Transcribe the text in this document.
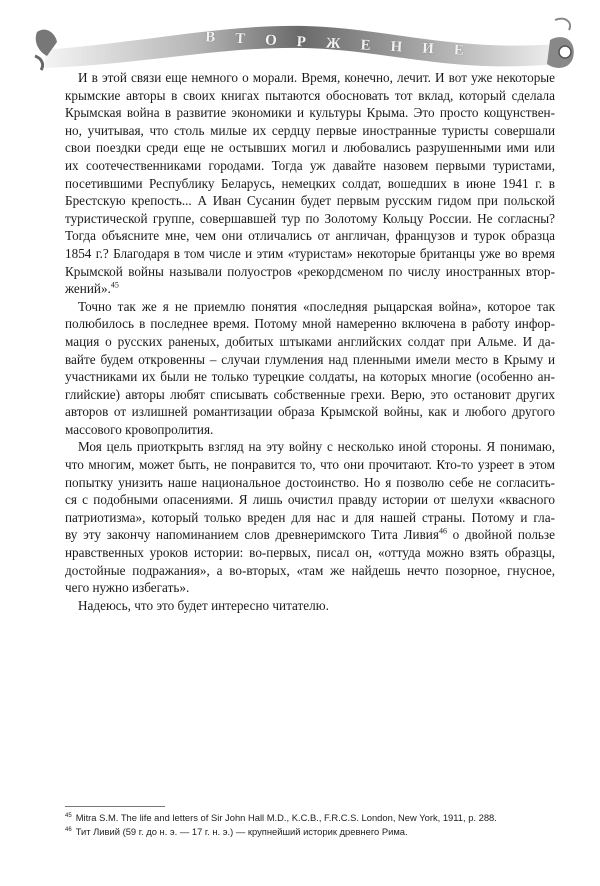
В Т О Р Ж Е Н И Е
И в этой связи еще немного о морали. Время, конечно, лечит. И вот уже некоторые
крымские авторы в своих книгах пытаются обосновать тот вклад, который сделала
Крымская война в развитие экономики и культуры Крыма. Это просто кощунствен-
но, учитывая, что столь милые их сердцу первые иностранные туристы совершали
свои поездки среди еще не остывших могил и любовались разрушенными ими или
их соотечественниками городами. Тогда уж давайте назовем первыми туристами,
посетившими Республику Беларусь, немецких солдат, вошедших в июне 1941 г. в
Брестскую крепость... А Иван Сусанин будет первым русским гидом при польской
туристической группе, совершавшей тур по Золотому Кольцу России. Не согласны?
Тогда объясните мне, чем они отличались от англичан, французов и турок образца
1854 г.? Благодаря в том числе и этим «туристам» некоторые британцы уже во время
Крымской войны называли полуостров «рекордсменом по числу иностранных втор-
жений».$^{45}$
Точно так же я не приемлю понятия «последняя рыцарская война», которое так
полюбилось в последнее время. Потому мной намеренно включена в работу инфор-
мация о русских раненых, добитых штыками английских солдат при Альме. И да-
вайте будем откровенны – случаи глумления над пленными имели место в Крыму и
участниками их были не только турецкие солдаты, на которых многие (особенно ан-
глийские) авторы любят списывать собственные грехи. Верю, это остановит других
авторов от излишней романтизации образа Крымской войны, как и любого другого
массового кровопролития.
Моя цель приоткрыть взгляд на эту войну с несколько иной стороны. Я понимаю,
что многим, может быть, не понравится то, что они прочитают. Кто-то узреет в этом
попытку унизить наше национальное достоинство. Но я позволю себе не согласить-
ся с подобными опасениями. Я лишь очистил правду истории от шелухи «квасного
патриотизма», который только вреден для нас и для нашей страны. Потому и гла-
ву эту закончу напоминанием слов древнеримского Тита Ливия$^{46}$ о двойной пользе
нравственных уроков истории: во-первых, писал он, «оттуда можно взять образцы,
достойные подражания», а во-вторых, «там же найдешь нечто позорное, гнусное,
чего нужно избегать».
Надеюсь, что это будет интересно читателю.
$^{45}$ Mitra S.M. The life and letters of Sir John Hall M.D., K.C.B., F.R.C.S. London, New York, 1911, p. 288.
$^{46}$ Тит Ливий (59 г. до н. э. — 17 г. н. э.) — крупнейший историк древнего Рима.
